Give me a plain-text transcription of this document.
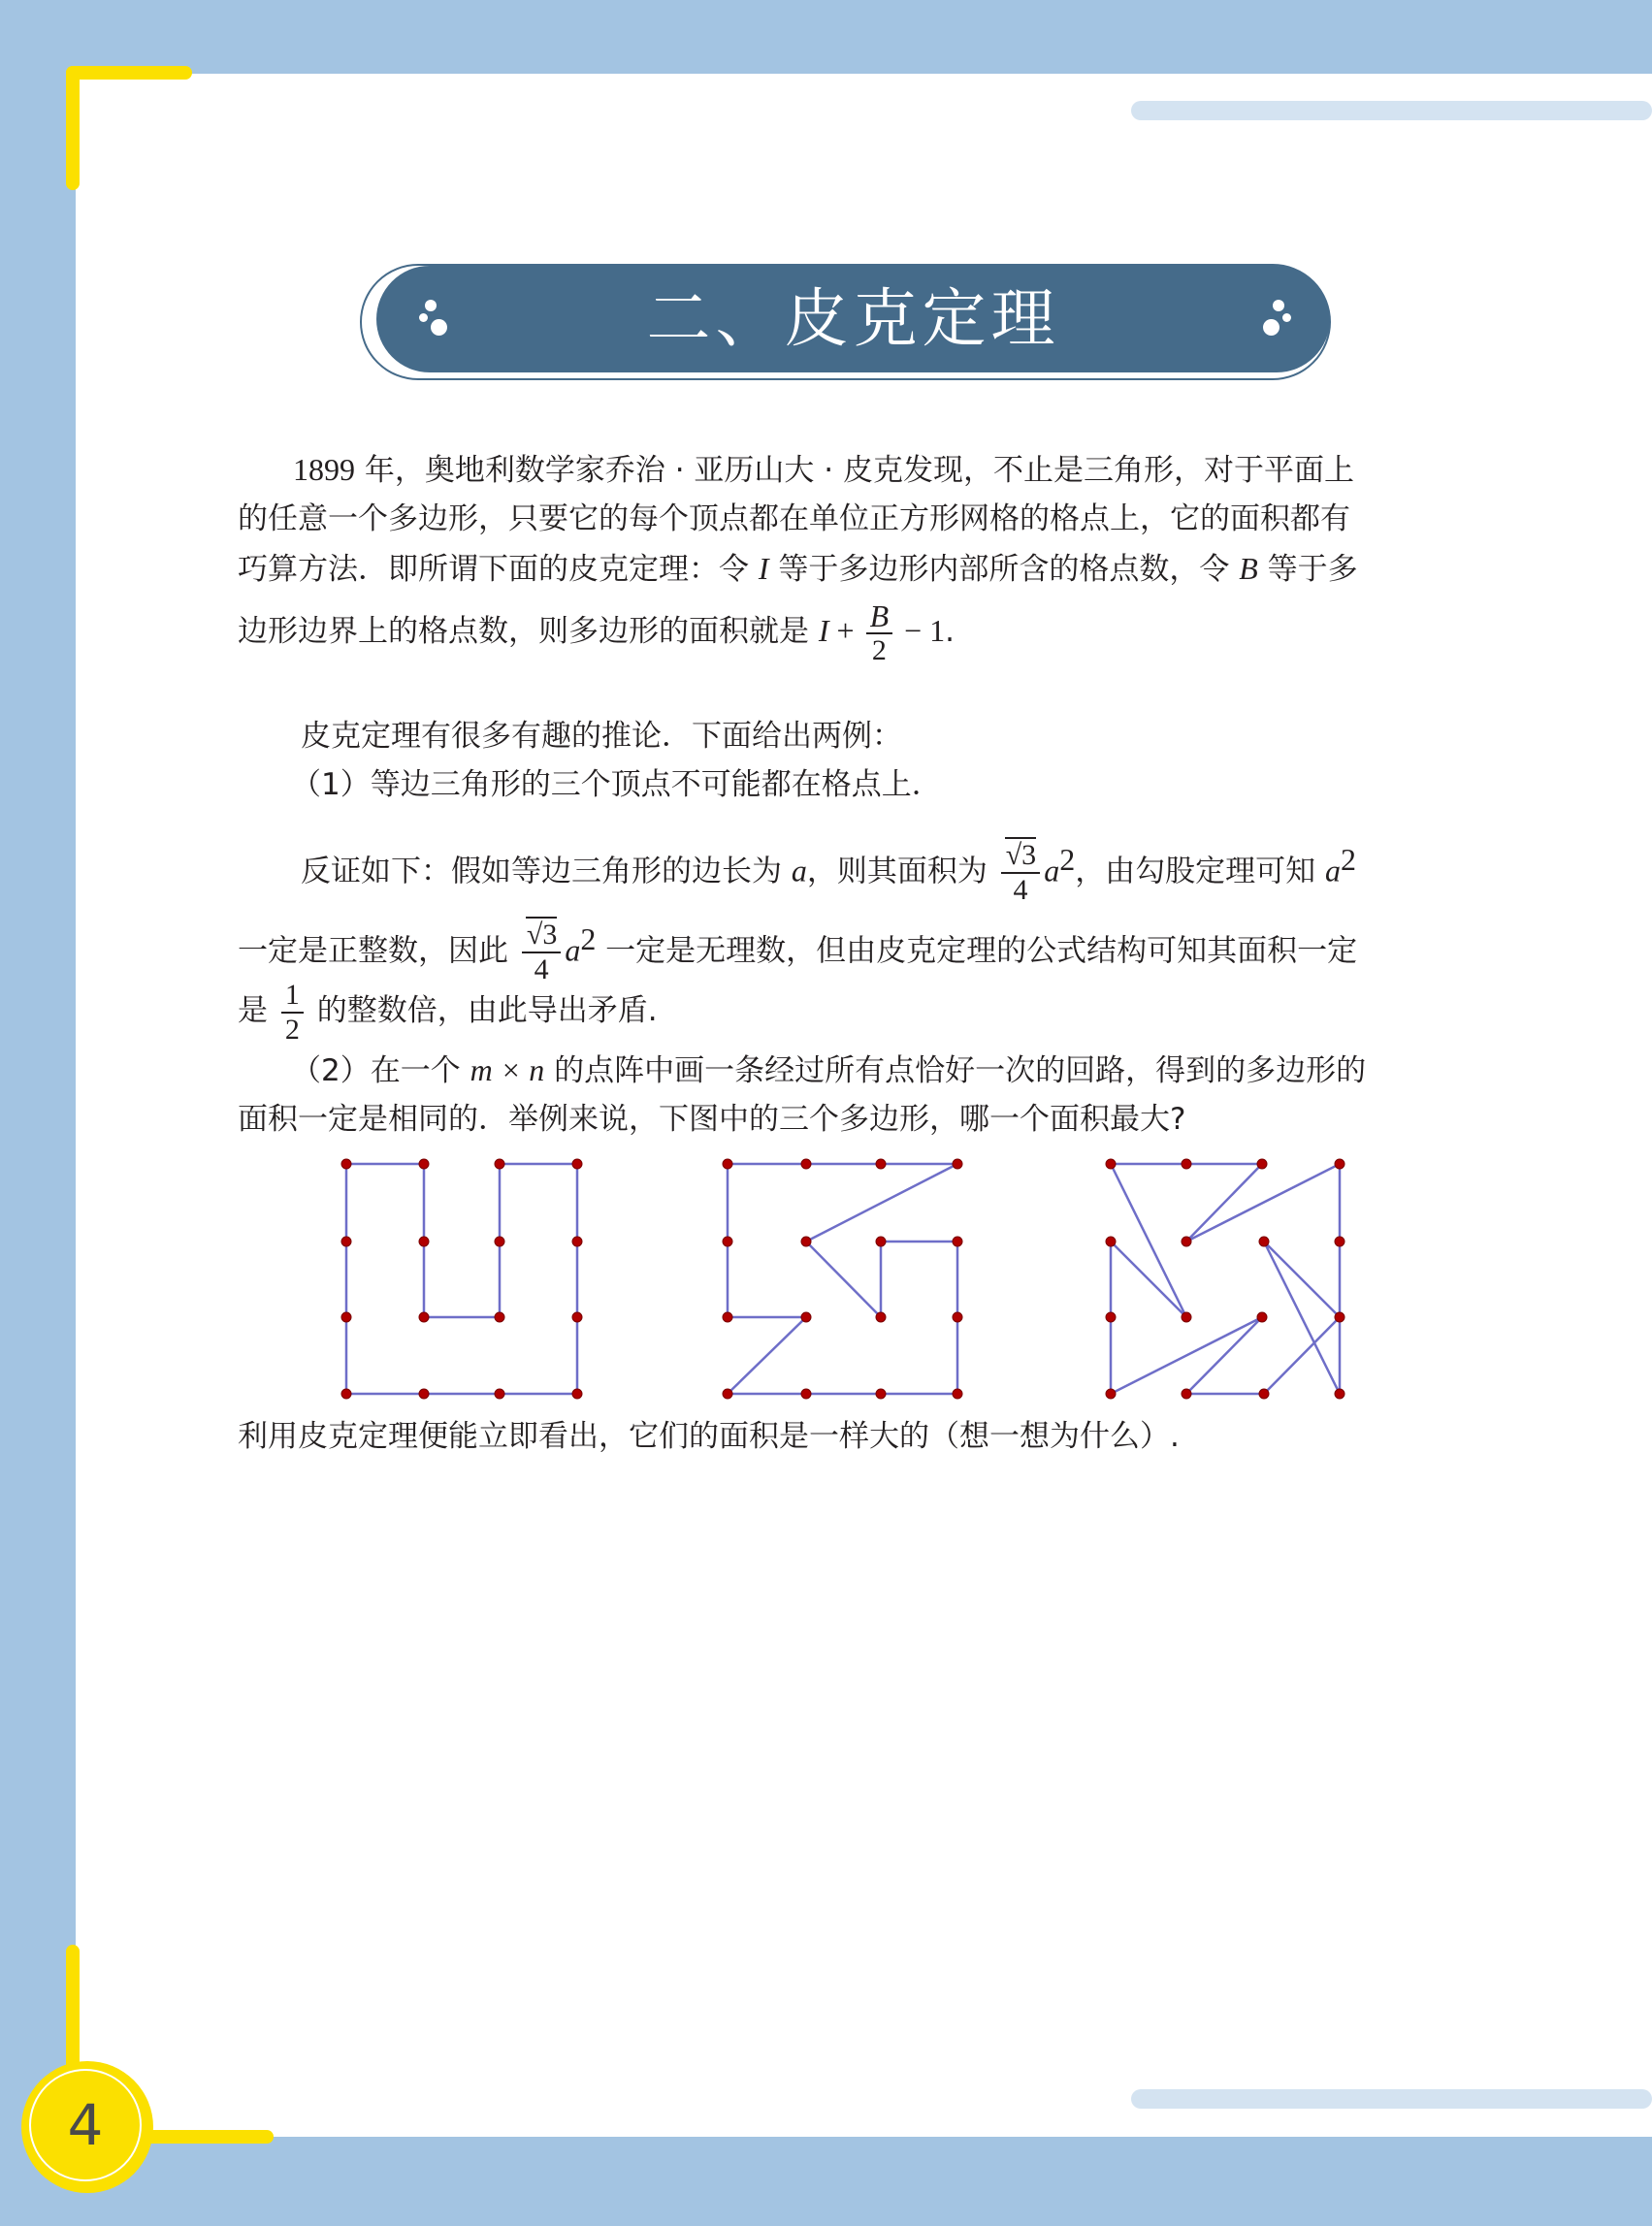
二、皮克定理
1899 年，奥地利数学家乔治 · 亚历山大 · 皮克发现，不止是三角形，对于平面上
的任意一个多边形，只要它的每个顶点都在单位正方形网格的格点上，它的面积都有
巧算方法．即所谓下面的皮克定理：令 I 等于多边形内部所含的格点数，令 B 等于多
边形边界上的格点数，则多边形的面积就是 $I + \frac{B}{2} - 1$.
皮克定理有很多有趣的推论．下面给出两例：
（1）等边三角形的三个顶点不可能都在格点上．
反证如下：假如等边三角形的边长为 a，则其面积为 $\frac{√3}{4} a^2$，由勾股定理可知 $a^2$
一定是正整数，因此 $\frac{√3}{4} a^2$ 一定是无理数，但由皮克定理的公式结构可知其面积一定
是 $\frac{1}{2}$ 的整数倍，由此导出矛盾.
（2）在一个 m × n 的点阵中画一条经过所有点恰好一次的回路，得到的多边形的
面积一定是相同的．举例来说，下图中的三个多边形，哪一个面积最大?
利用皮克定理便能立即看出，它们的面积是一样大的（想一想为什么）.
4
